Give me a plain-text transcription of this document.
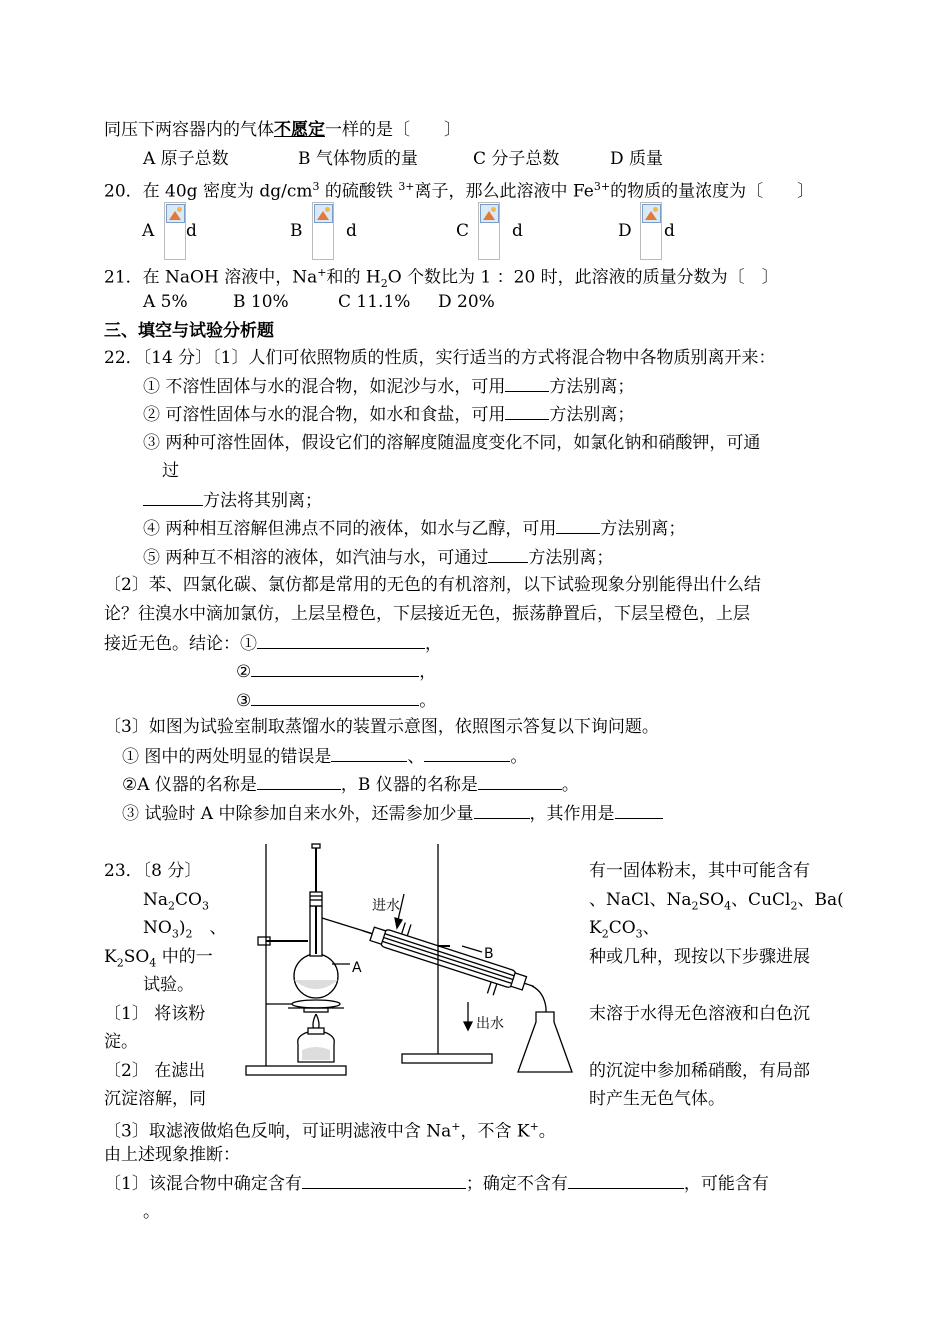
同压下两容器内的气体不愿定一样的是〔　　〕
A 原子总数	B 气体物质的量	C 分子总数	D 质量
20．在 40g 密度为 $dg/cm^3$ 的硫酸铁 $^{3+}$离子，那么此溶液中 $Fe^{3+}$的物质的量浓度为〔　　〕
A d	B	d	C	d	D d
21．在 NaOH 溶液中，Na+和的 $H_2O$ 个数比为 1 ：20 时，此溶液的质量分数为〔　〕
A 5%	B 10%	C 11.1% D 20%
三、填空与试验分析题
22．〔14 分〕〔1〕人们可依照物质的性质，实行适当的方式将混合物中各物质别离开来：
① 不溶性固体与水的混合物，如泥沙与水，可用	方法别离；
② 可溶性固体与水的混合物，如水和食盐，可用	方法别离；
③ 两种可溶性固体，假设它们的溶解度随温度变化不同，如氯化钠和硝酸钾，可通
过
方法将其别离；
④ 两种相互溶解但沸点不同的液体，如水与乙醇，可用	方法别离；
⑤ 两种互不相溶的液体，如汽油与水，可通过 方法别离；
〔2〕苯、四氯化碳、氯仿都是常用的无色的有机溶剂，以下试验现象分别能得出什么结
论？往溴水中滴加氯仿，上层呈橙色，下层接近无色，振荡静置后，下层呈橙色，上层
接近无色。结论：①	，
②	，
③	。
〔3〕如图为试验室制取蒸馏水的装置示意图，依照图示答复以下询问题。
① 图中的两处明显的错误是	、	。
②A 仪器的名称是	，B 仪器的名称是	。
③ 试验时 A 中除参加自来水外，还需参加少量	，其作用是
进水
出水
A
B
23．〔8 分〕
$Na_2CO_3$
$NO_3)_2$　 、
$K_2SO_4$ 中的一
试验。
〔1〕 将该粉
淀。
〔2〕 在滤出
沉淀溶解，同
有一固体粉末，其中可能含有
、NaCl、$Na_2SO_4$、CuCl$_2$、Ba(
$K_2CO_3$、
种或几种，现按以下步骤进展
末溶于水得无色溶液和白色沉
的沉淀中参加稀硝酸，有局部
时产生无色气体。
〔3〕取滤液做焰色反响，可证明滤液中含 Na+，不含 K+。
由上述现象推断：
〔1〕该混合物中确定含有	；确定不含有	，可能含有
。
